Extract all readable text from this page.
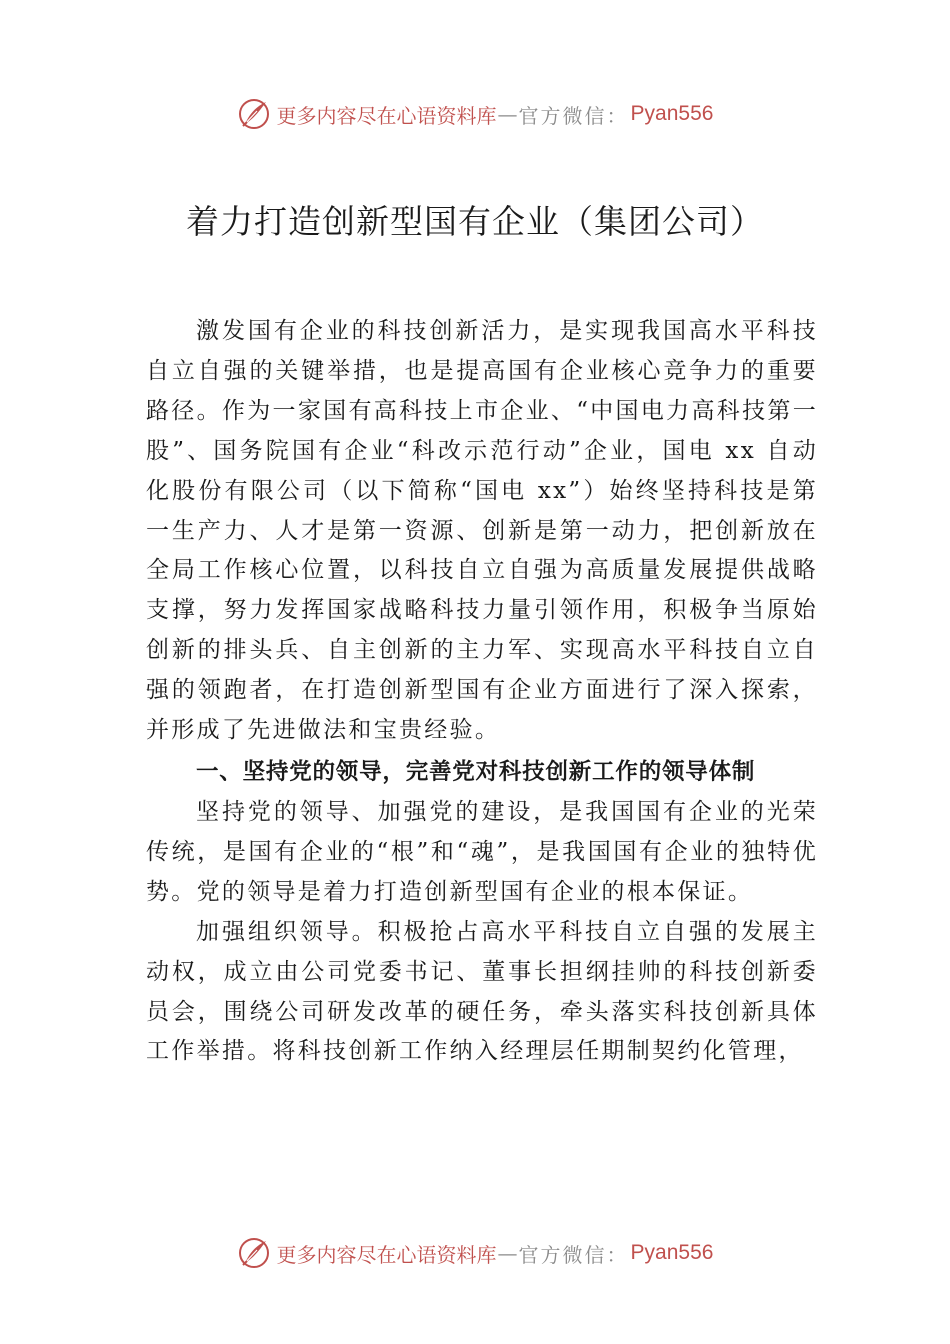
更多内容尽在心语资料库 — 官方微信： Pyan556
着力打造创新型国有企业（集团公司）

激发国有企业的科技创新活力，是实现我国高水平科技自立自强的关键举措，也是提高国有企业核心竞争力的重要路径。作为一家国有高科技上市企业、“中国电力高科技第一股”、国务院国有企业“科改示范行动”企业，国电 xx 自动化股份有限公司（以下简称“国电 xx”）始终坚持科技是第一生产力、人才是第一资源、创新是第一动力，把创新放在全局工作核心位置，以科技自立自强为高质量发展提供战略支撑，努力发挥国家战略科技力量引领作用，积极争当原始创新的排头兵、自主创新的主力军、实现高水平科技自立自强的领跑者，在打造创新型国有企业方面进行了深入探索， 并形成了先进做法和宝贵经验。

一、坚持党的领导，完善党对科技创新工作的领导体制

坚持党的领导、加强党的建设，是我国国有企业的光荣传统，是国有企业的“根”和“魂”，是我国国有企业的独特优势。党的领导是着力打造创新型国有企业的根本保证。

加强组织领导。积极抢占高水平科技自立自强的发展主动权，成立由公司党委书记、董事长担纲挂帅的科技创新委员会，围绕公司研发改革的硬任务，牵头落实科技创新具体工作举措。将科技创新工作纳入经理层任期制契约化管理，

更多内容尽在心语资料库 — 官方微信： Pyan556
